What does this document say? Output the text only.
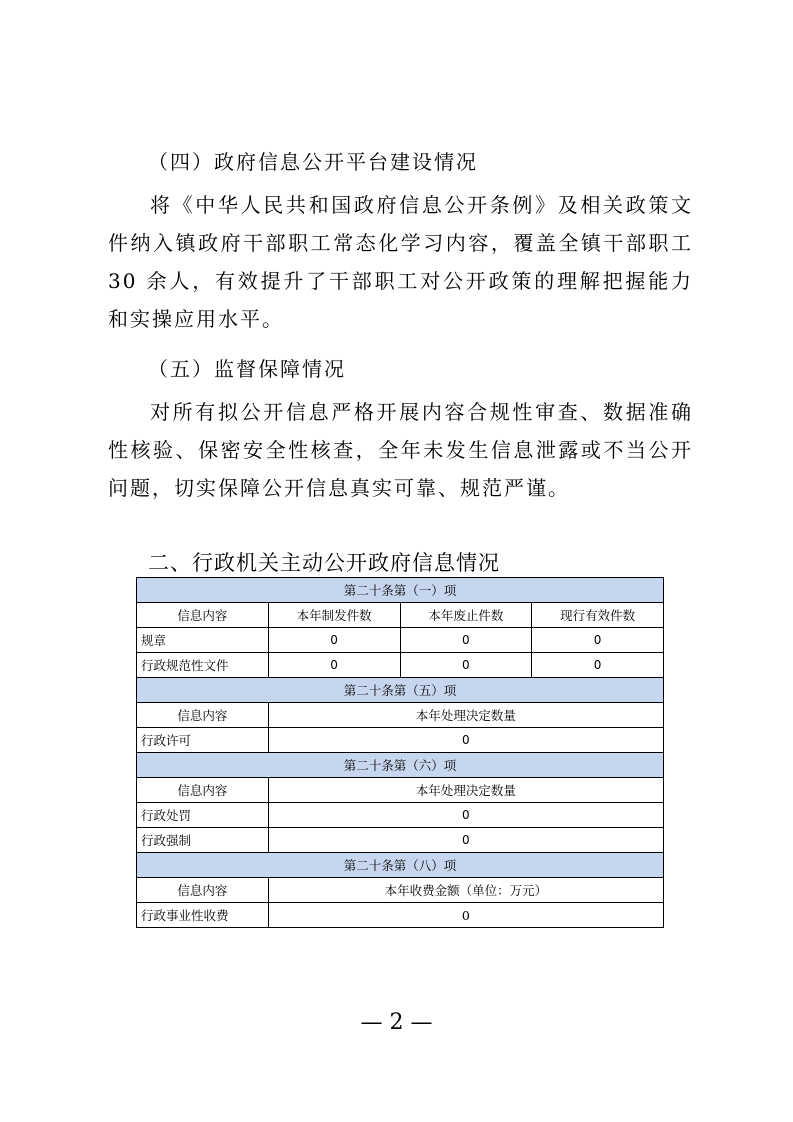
（四）政府信息公开平台建设情况

将《中华人民共和国政府信息公开条例》及相关政策文件纳入镇政府干部职工常态化学习内容，覆盖全镇干部职工 30 余人，有效提升了干部职工对公开政策的理解把握能力和实操应用水平。

（五）监督保障情况

对所有拟公开信息严格开展内容合规性审查、数据准确性核验、保密安全性核查，全年未发生信息泄露或不当公开问题，切实保障公开信息真实可靠、规范严谨。

二、行政机关主动公开政府信息情况

第二十条第（一）项			
信息内容	本年制发件数	本年废止件数	现行有效件数
规章	0	0	0
行政规范性文件	0	0	0
第二十条第（五）项			
信息内容	本年处理决定数量		
行政许可	0		
第二十条第（六）项			
信息内容	本年处理决定数量		
行政处罚	0		
行政强制	0		
第二十条第（八）项			
信息内容	本年收费金额（单位：万元）		
行政事业性收费	0		
— 2 —
